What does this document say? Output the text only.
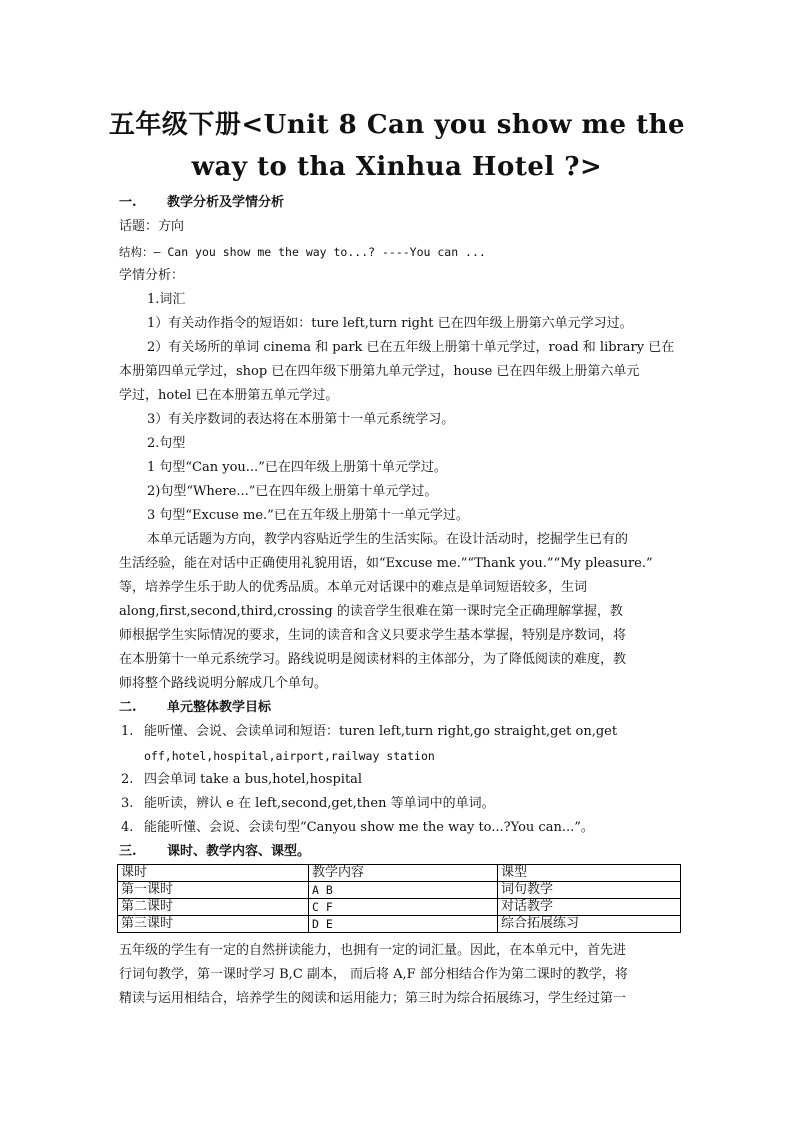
五年级下册<Unit 8 Can you show me the
way to tha Xinhua Hotel ?>
一. 教学分析及学情分析
话题：方向
结构：— Can you show me the way to...? ----You can ...
学情分析：
1.词汇
1）有关动作指令的短语如：ture left,turn right 已在四年级上册第六单元学习过。
2）有关场所的单词 cinema 和 park 已在五年级上册第十单元学过，road 和 library 已在
本册第四单元学过，shop 已在四年级下册第九单元学过，house 已在四年级上册第六单元
学过，hotel 已在本册第五单元学过。
3）有关序数词的表达将在本册第十一单元系统学习。
2.句型
1 句型“Can you...”已在四年级上册第十单元学过。
2)句型“Where...”已在四年级上册第十单元学过。
3 句型“Excuse me.”已在五年级上册第十一单元学过。
本单元话题为方向，教学内容贴近学生的生活实际。在设计活动时，挖掘学生已有的
生活经验，能在对话中正确使用礼貌用语，如“Excuse me.”“Thank you.”“My pleasure.”
等，培养学生乐于助人的优秀品质。本单元对话课中的难点是单词短语较多，生词
along,first,second,third,crossing 的读音学生很难在第一课时完全正确理解掌握，教
师根据学生实际情况的要求，生词的读音和含义只要求学生基本掌握，特别是序数词，将
在本册第十一单元系统学习。路线说明是阅读材料的主体部分，为了降低阅读的难度，教
师将整个路线说明分解成几个单句。
二. 单元整体教学目标
1. 能听懂、会说、会读单词和短语：turen left,turn right,go straight,get on,get
off,hotel,hospital,airport,railway station
2. 四会单词 take a bus,hotel,hospital
3. 能听读，辨认 e 在 left,second,get,then 等单词中的单词。
4. 能能听懂、会说、会读句型“Canyou show me the way to...?You can...”。
三. 课时、教学内容、课型。
课时	教学内容	课型
第一课时	A B	词句教学
第二课时	C F	对话教学
第三课时	D E	综合拓展练习
五年级的学生有一定的自然拼读能力，也拥有一定的词汇量。因此，在本单元中，首先进
行词句教学，第一课时学习 B,C 副本， 而后将 A,F 部分相结合作为第二课时的教学，将
精读与运用相结合，培养学生的阅读和运用能力；第三时为综合拓展练习，学生经过第一
